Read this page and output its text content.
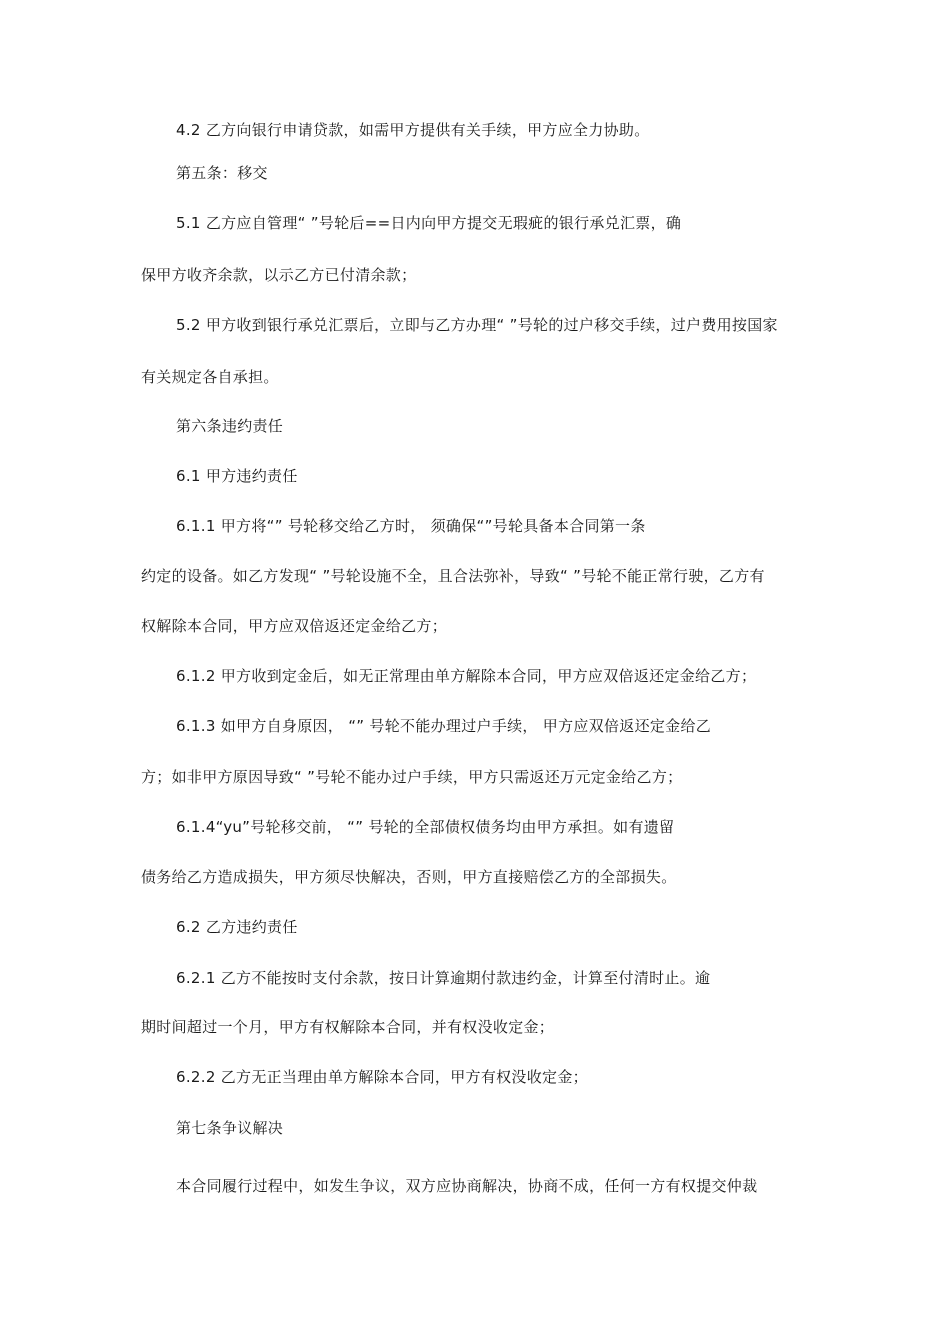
4.2 乙方向银行申请贷款，如需甲方提供有关手续，甲方应全力协助。
第五条：移交
5.1 乙方应自管理“ ”号轮后==日内向甲方提交无瑕疵的银行承兑汇票，确
保甲方收齐余款，以示乙方已付清余款；
5.2 甲方收到银行承兑汇票后，立即与乙方办理“ ”号轮的过户移交手续，过户费用按国家
有关规定各自承担。
第六条违约责任
6.1 甲方违约责任
6.1.1 甲方将“” 号轮移交给乙方时， 须确保“”号轮具备本合同第一条
约定的设备。如乙方发现“ ”号轮设施不全，且合法弥补，导致“ ”号轮不能正常行驶，乙方有
权解除本合同，甲方应双倍返还定金给乙方；
6.1.2 甲方收到定金后，如无正常理由单方解除本合同，甲方应双倍返还定金给乙方；
6.1.3 如甲方自身原因， “” 号轮不能办理过户手续， 甲方应双倍返还定金给乙
方；如非甲方原因导致“ ”号轮不能办过户手续，甲方只需返还万元定金给乙方；
6.1.4“yu”号轮移交前， “” 号轮的全部债权债务均由甲方承担。如有遗留
债务给乙方造成损失，甲方须尽快解决，否则，甲方直接赔偿乙方的全部损失。
6.2 乙方违约责任
6.2.1 乙方不能按时支付余款，按日计算逾期付款违约金，计算至付清时止。逾
期时间超过一个月，甲方有权解除本合同，并有权没收定金；
6.2.2 乙方无正当理由单方解除本合同，甲方有权没收定金；
第七条争议解决
本合同履行过程中，如发生争议，双方应协商解决，协商不成，任何一方有权提交仲裁
